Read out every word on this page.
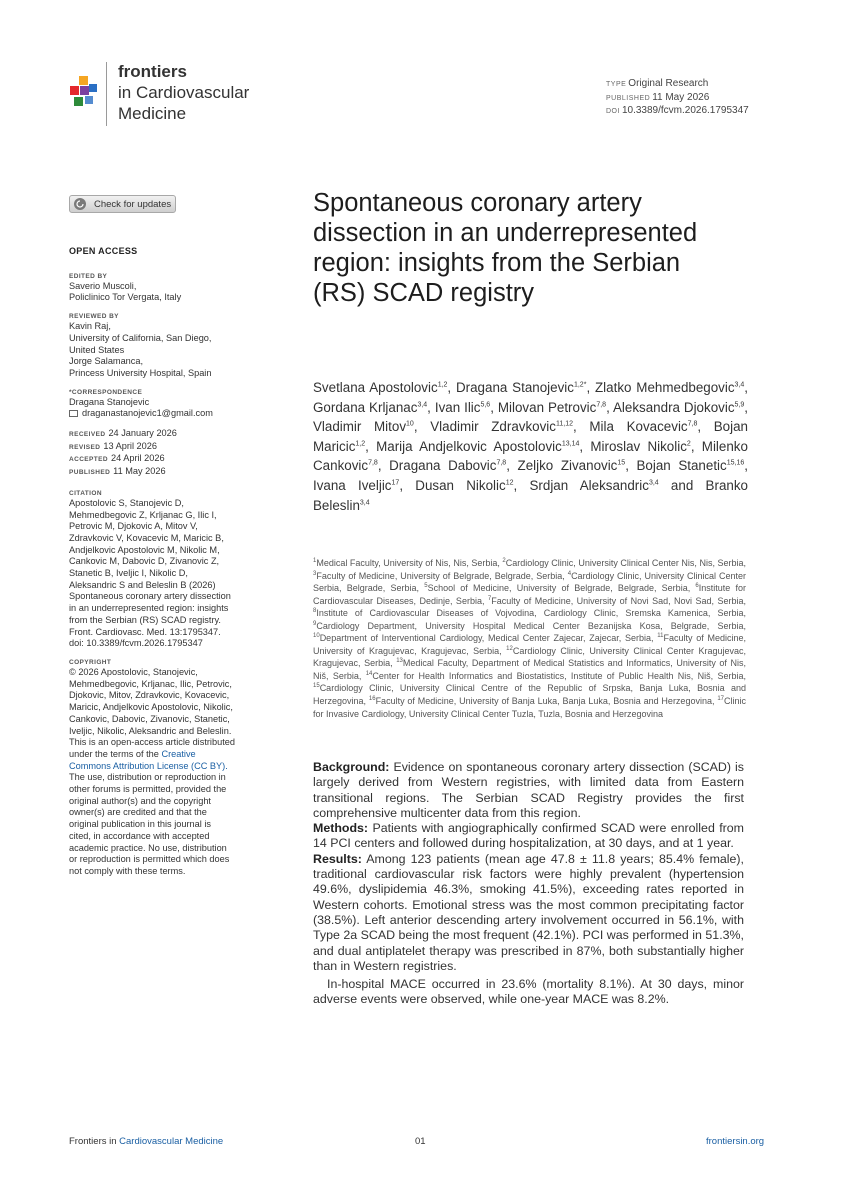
frontiers
in Cardiovascular
Medicine
TYPE Original Research
PUBLISHED 11 May 2026
DOI 10.3389/fcvm.2026.1795347
Check for updates
OPEN ACCESS
EDITED BY
Saverio Muscoli,
Policlinico Tor Vergata, Italy
REVIEWED BY
Kavin Raj,
University of California, San Diego,
United States
Jorge Salamanca,
Princess University Hospital, Spain
*CORRESPONDENCE
Dragana Stanojevic
draganastanojevic1@gmail.com
RECEIVED 24 January 2026
REVISED 13 April 2026
ACCEPTED 24 April 2026
PUBLISHED 11 May 2026
CITATION
Apostolovic S, Stanojevic D,
Mehmedbegovic Z, Krljanac G, Ilic I,
Petrovic M, Djokovic A, Mitov V,
Zdravkovic V, Kovacevic M, Maricic B,
Andjelkovic Apostolovic M, Nikolic M,
Cankovic M, Dabovic D, Zivanovic Z,
Stanetic B, Iveljic I, Nikolic D,
Aleksandric S and Beleslin B (2026)
Spontaneous coronary artery dissection
in an underrepresented region: insights
from the Serbian (RS) SCAD registry.
Front. Cardiovasc. Med. 13:1795347.
doi: 10.3389/fcvm.2026.1795347
COPYRIGHT
© 2026 Apostolovic, Stanojevic,
Mehmedbegovic, Krljanac, Ilic, Petrovic,
Djokovic, Mitov, Zdravkovic, Kovacevic,
Maricic, Andjelkovic Apostolovic, Nikolic,
Cankovic, Dabovic, Zivanovic, Stanetic,
Iveljic, Nikolic, Aleksandric and Beleslin.
This is an open-access article distributed
under the terms of the Creative
Commons Attribution License (CC BY).
The use, distribution or reproduction in
other forums is permitted, provided the
original author(s) and the copyright
owner(s) are credited and that the
original publication in this journal is
cited, in accordance with accepted
academic practice. No use, distribution
or reproduction is permitted which does
not comply with these terms.
Spontaneous coronary artery dissection in an underrepresented region: insights from the Serbian (RS) SCAD registry
Svetlana Apostolovic$^{1,2}$, Dragana Stanojevic$^{1,2*}$, Zlatko Mehmedbegovic$^{3,4}$, Gordana Krljanac$^{3,4}$, Ivan Ilic$^{5,6}$, Milovan Petrovic$^{7,8}$, Aleksandra Djokovic$^{5,9}$, Vladimir Mitov$^{10}$, Vladimir Zdravkovic$^{11,12}$, Mila Kovacevic$^{7,8}$, Bojan Maricic$^{1,2}$, Marija Andjelkovic Apostolovic$^{13,14}$, Miroslav Nikolic$^2$, Milenko Cankovic$^{7,8}$, Dragana Dabovic$^{7,8}$, Zeljko Zivanovic$^{15}$, Bojan Stanetic$^{15,16}$, Ivana Iveljic$^{17}$, Dusan Nikolic$^{12}$, Srdjan Aleksandric$^{3,4}$ and Branko Beleslin$^{3,4}$
$^1$Medical Faculty, University of Nis, Nis, Serbia, $^2$Cardiology Clinic, University Clinical Center Nis, Nis, Serbia, $^3$Faculty of Medicine, University of Belgrade, Belgrade, Serbia, $^4$Cardiology Clinic, University Clinical Center Serbia, Belgrade, Serbia, $^5$School of Medicine, University of Belgrade, Belgrade, Serbia, $^6$Institute for Cardiovascular Diseases, Dedinje, Serbia, $^7$Faculty of Medicine, University of Novi Sad, Novi Sad, Serbia, $^8$Institute of Cardiovascular Diseases of Vojvodina, Cardiology Clinic, Sremska Kamenica, Serbia, $^9$Cardiology Department, University Hospital Medical Center Bezanijska Kosa, Belgrade, Serbia, $^{10}$Department of Interventional Cardiology, Medical Center Zajecar, Zajecar, Serbia, $^{11}$Faculty of Medicine, University of Kragujevac, Kragujevac, Serbia, $^{12}$Cardiology Clinic, University Clinical Center Kragujevac, Kragujevac, Serbia, $^{13}$Medical Faculty, Department of Medical Statistics and Informatics, University of Nis, Niš, Serbia, $^{14}$Center for Health Informatics and Biostatistics, Institute of Public Health Nis, Niš, Serbia, $^{15}$Cardiology Clinic, University Clinical Centre of the Republic of Srpska, Banja Luka, Bosnia and Herzegovina, $^{16}$Faculty of Medicine, University of Banja Luka, Banja Luka, Bosnia and Herzegovina, $^{17}$Clinic for Invasive Cardiology, University Clinical Center Tuzla, Tuzla, Bosnia and Herzegovina

Background: Evidence on spontaneous coronary artery dissection (SCAD) is largely derived from Western registries, with limited data from Eastern transitional regions. The Serbian SCAD Registry provides the first comprehensive multicenter data from this region.

Methods: Patients with angiographically confirmed SCAD were enrolled from 14 PCI centers and followed during hospitalization, at 30 days, and at 1 year.

Results: Among 123 patients (mean age 47.8 ± 11.8 years; 85.4% female), traditional cardiovascular risk factors were highly prevalent (hypertension 49.6%, dyslipidemia 46.3%, smoking 41.5%), exceeding rates reported in Western cohorts. Emotional stress was the most common precipitating factor (38.5%). Left anterior descending artery involvement occurred in 56.1%, with Type 2a SCAD being the most frequent (42.1%). PCI was performed in 51.3%, and dual antiplatelet therapy was prescribed in 87%, both substantially higher than in Western registries.

In-hospital MACE occurred in 23.6% (mortality 8.1%). At 30 days, minor adverse events were observed, while one-year MACE was 8.2%.

Frontiers in Cardiovascular Medicine	01	frontiersin.org
